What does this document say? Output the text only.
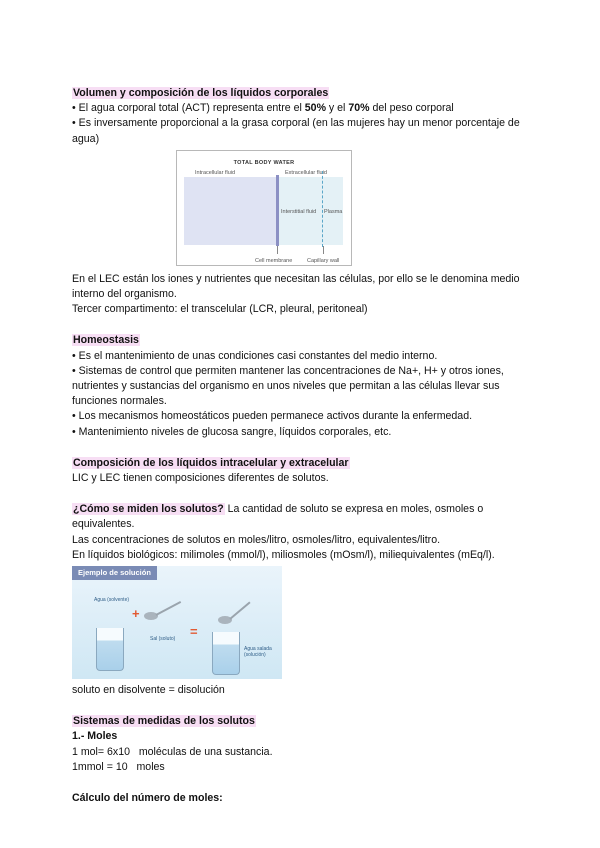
Volumen y composición de los líquidos corporales

• El agua corporal total (ACT) representa entre el 50% y el 70% del peso corporal

• Es inversamente proporcional a la grasa corporal (en las mujeres hay un menor porcentaje de agua)

TOTAL BODY WATER
Intracellular fluid	Extracellular fluid
Interstitial fluid Plasma
Cell membrane	Capillary wall

En el LEC están los iones y nutrientes que necesitan las células, por ello se le denomina medio interno del organismo.

Tercer compartimento: el transcelular (LCR, pleural, peritoneal)

Homeostasis

• Es el mantenimiento de unas condiciones casi constantes del medio interno.

• Sistemas de control que permiten mantener las concentraciones de Na+, H+ y otros iones, nutrientes y sustancias del organismo en unos niveles que permitan a las células llevar sus funciones normales.

• Los mecanismos homeostáticos pueden permanece activos durante la enfermedad.

• Mantenimiento niveles de glucosa sangre, líquidos corporales, etc.

Composición de los líquidos intracelular y extracelular

LIC y LEC tienen composiciones diferentes de solutos.

¿Cómo se miden los solutos? La cantidad de soluto se expresa en moles, osmoles o equivalentes.

Las concentraciones de solutos en moles/litro, osmoles/litro, equivalentes/litro.

En líquidos biológicos: milimoles (mmol/l), miliosmoles (mOsm/l), miliequivalentes (mEq/l).

Ejemplo de solución
Agua (solvente)
+
Sal (soluto) =
Agua salada (solución)

soluto en disolvente = disolución

Sistemas de medidas de los solutos

1.- Moles

1 mol= 6x10   moléculas de una sustancia.

1mmol = 10   moles

Cálculo del número de moles:
